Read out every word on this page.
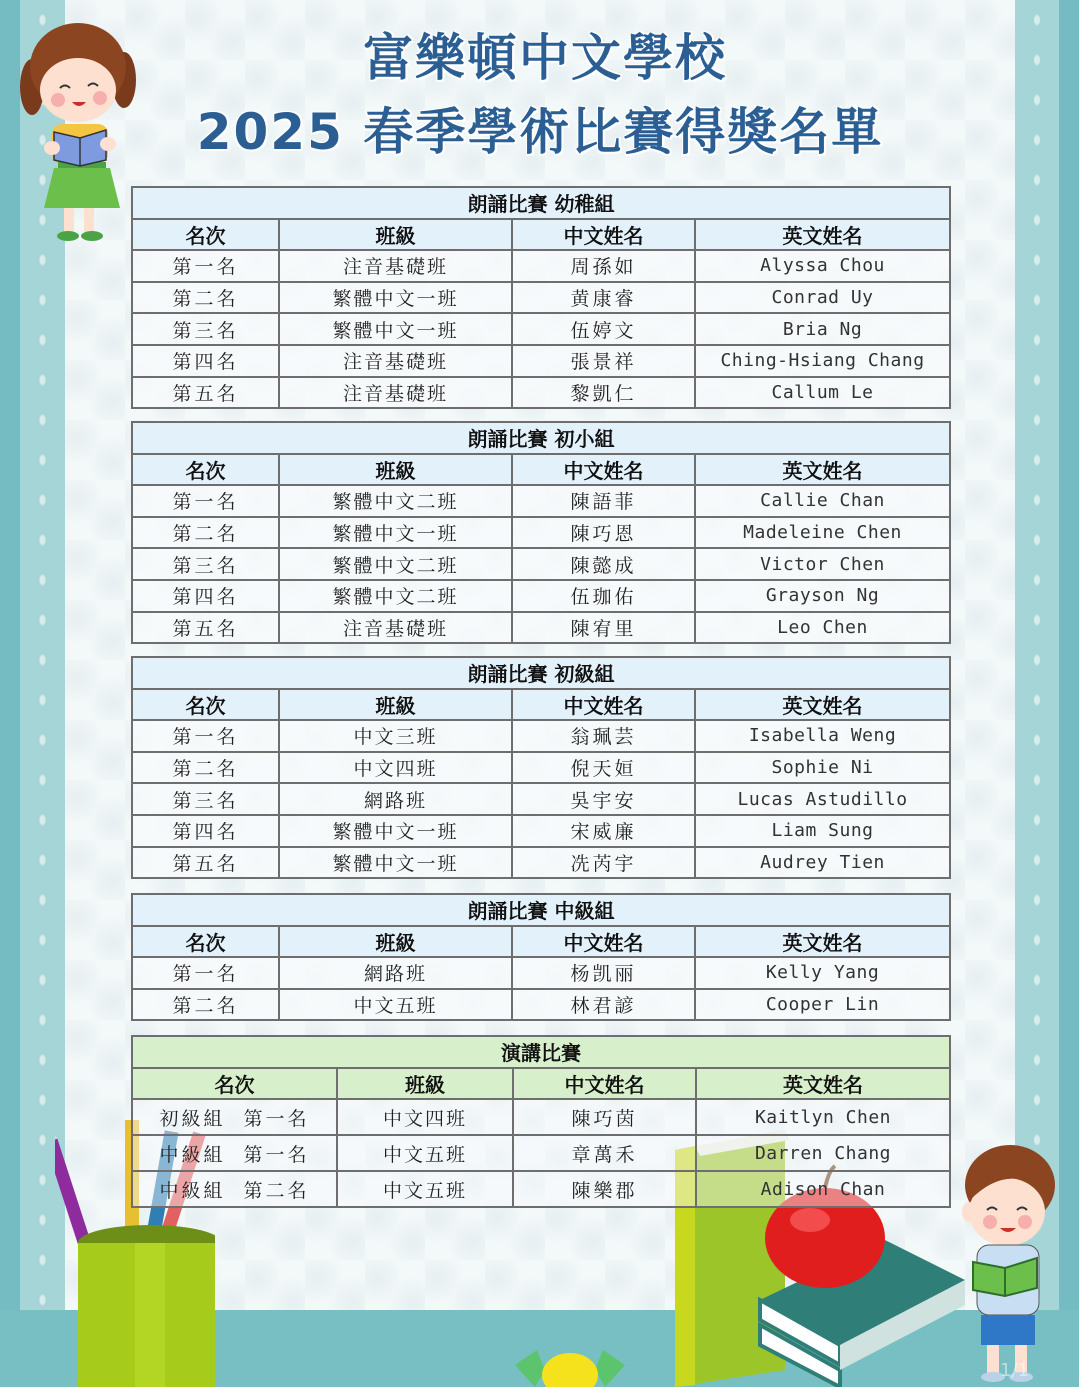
富樂頓中文學校
2025 春季學術比賽得獎名單
朗誦比賽 幼稚組			
名次	班級	中文姓名	英文姓名
第一名	注音基礎班	周孫如	Alyssa Chou
第二名	繁體中文一班	黄康睿	Conrad Uy
第三名	繁體中文一班	伍婷文	Bria Ng
第四名	注音基礎班	張景祥	Ching-Hsiang Chang
第五名	注音基礎班	黎凱仁	Callum Le
朗誦比賽 初小組			
名次	班級	中文姓名	英文姓名
第一名	繁體中文二班	陳語菲	Callie Chan
第二名	繁體中文一班	陳巧恩	Madeleine Chen
第三名	繁體中文二班	陳懿成	Victor Chen
第四名	繁體中文二班	伍珈佑	Grayson Ng
第五名	注音基礎班	陳宥里	Leo Chen
朗誦比賽 初級組			
名次	班級	中文姓名	英文姓名
第一名	中文三班	翁珮芸	Isabella Weng
第二名	中文四班	倪天姮	Sophie Ni
第三名	網路班	吳宇安	Lucas Astudillo
第四名	繁體中文一班	宋威廉	Liam Sung
第五名	繁體中文一班	冼芮宇	Audrey Tien
朗誦比賽 中級組			
名次	班級	中文姓名	英文姓名
第一名	網路班	杨凯丽	Kelly Yang
第二名	中文五班	林君諺	Cooper Lin
演講比賽			
名次	班級	中文姓名	英文姓名
初級組  第一名	中文四班	陳巧茵	Kaitlyn Chen
中級組  第一名	中文五班	章萬禾	Darren Chang
中級組  第二名	中文五班	陳樂郡	Adison Chan
1/1
